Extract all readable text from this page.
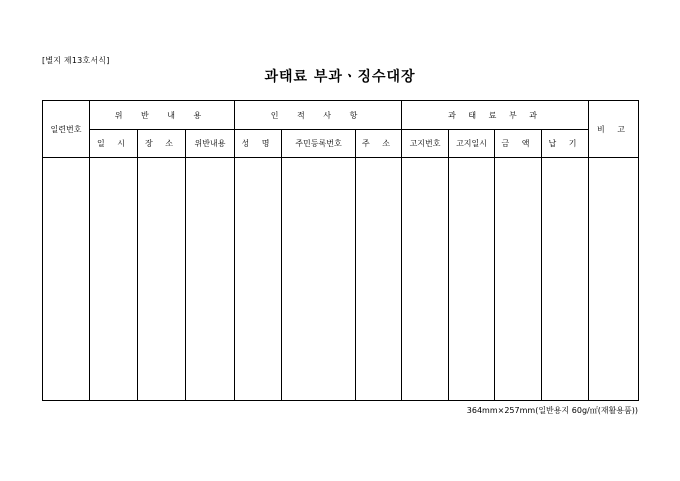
[별지 제13호서식]
과태료 부과ㆍ징수대장
일련번호	위 반 내 용			인 적 사 항			과 태 료 부 과				비 고
	일 시	장 소	위반내용	성 명	주민등록번호	주 소	고지번호	고지일시	금 액	납 기	

364mm×257mm(일반용지 60g/㎡(재활용품))
